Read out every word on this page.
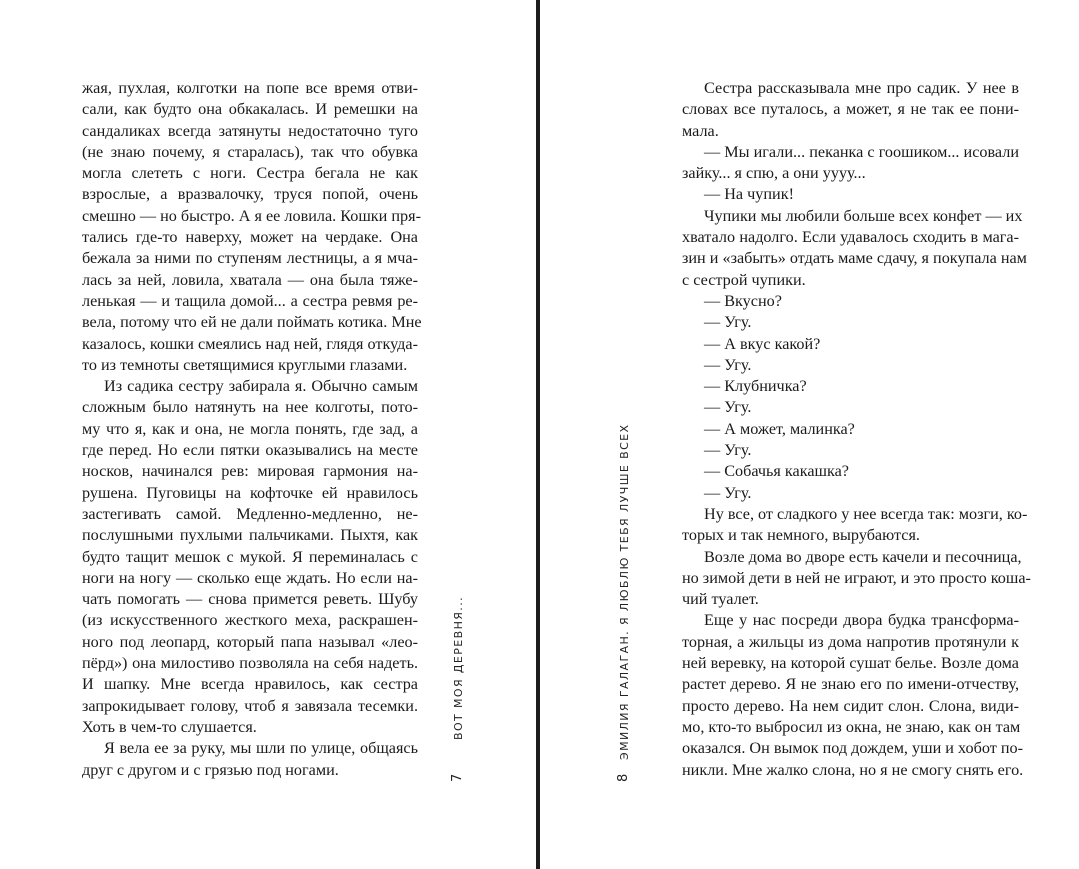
жая, пухлая, колготки на попе все время отви-
сали, как будто она обкакалась. И ремешки на
сандаликах всегда затянуты недостаточно туго
(не знаю почему, я старалась), так что обувка
могла слететь с ноги. Сестра бегала не как
взрослые, а вразвалочку, труся попой, очень
смешно — но быстро. А я ее ловила. Кошки пря-
тались где-то наверху, может на чердаке. Она
бежала за ними по ступеням лестницы, а я мча-
лась за ней, ловила, хватала — она была тяже-
ленькая — и тащила домой... а сестра ревмя ре-
вела, потому что ей не дали поймать котика. Мне
казалось, кошки смеялись над ней, глядя откуда-
то из темноты светящимися круглыми глазами.
Из садика сестру забирала я. Обычно самым
сложным было натянуть на нее колготы, пото-
му что я, как и она, не могла понять, где зад, а
где перед. Но если пятки оказывались на месте
носков, начинался рев: мировая гармония на-
рушена. Пуговицы на кофточке ей нравилось
застегивать самой. Медленно-медленно, не-
послушными пухлыми пальчиками. Пыхтя, как
будто тащит мешок с мукой. Я переминалась с
ноги на ногу — сколько еще ждать. Но если на-
чать помогать — снова примется реветь. Шубу
(из искусственного жесткого меха, раскрашен-
ного под леопард, который папа называл «лео-
пёрд») она милостиво позволяла на себя надеть.
И шапку. Мне всегда нравилось, как сестра
запрокидывает голову, чтоб я завязала тесемки.
Хоть в чем-то слушается.
Я вела ее за руку, мы шли по улице, общаясь
друг с другом и с грязью под ногами.
ВОТ МОЯ ДЕРЕВНЯ...
7
Сестра рассказывала мне про садик. У нее в
словах все путалось, а может, я не так ее пони-
мала.
— Мы игали... пеканка с гоошиком... исовали
зайку... я спю, а они уууу...
— На чупик!
Чупики мы любили больше всех конфет — их
хватало надолго. Если удавалось сходить в мага-
зин и «забыть» отдать маме сдачу, я покупала нам
с сестрой чупики.
— Вкусно?
— Угу.
— А вкус какой?
— Угу.
— Клубничка?
— Угу.
— А может, малинка?
— Угу.
— Собачья какашка?
— Угу.
Ну все, от сладкого у нее всегда так: мозги, ко-
торых и так немного, вырубаются.
Возле дома во дворе есть качели и песочница,
но зимой дети в ней не играют, и это просто коша-
чий туалет.
Еще у нас посреди двора будка трансформа-
торная, а жильцы из дома напротив протянули к
ней веревку, на которой сушат белье. Возле дома
растет дерево. Я не знаю его по имени-отчеству,
просто дерево. На нем сидит слон. Слона, види-
мо, кто-то выбросил из окна, не знаю, как он там
оказался. Он вымок под дождем, уши и хобот по-
никли. Мне жалко слона, но я не смогу снять его.
8
ЭМИЛИЯ ГАЛАГАН. Я ЛЮБЛЮ ТЕБЯ ЛУЧШЕ ВСЕХ
